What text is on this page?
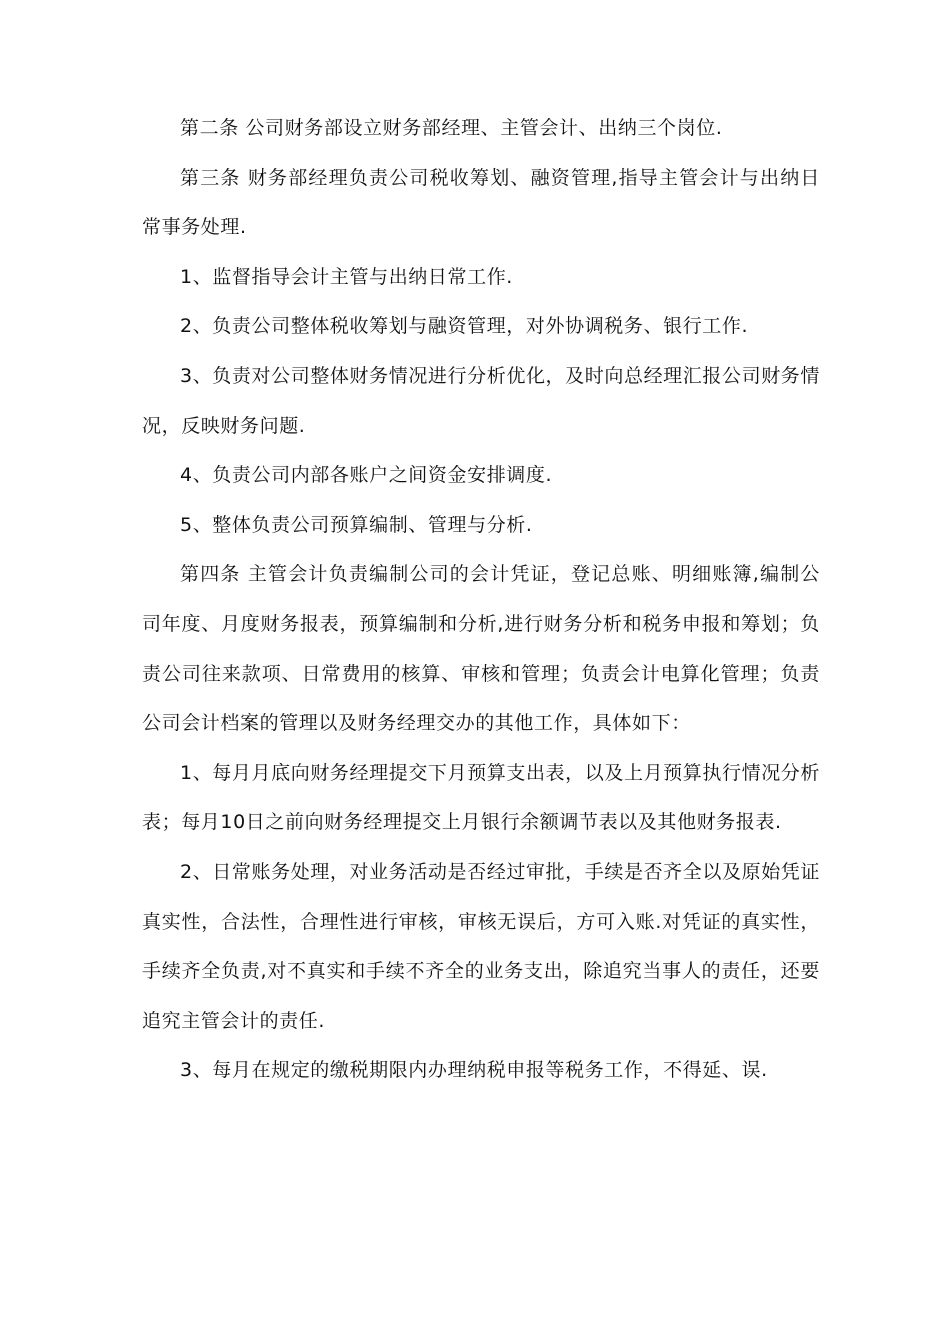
第二条 公司财务部设立财务部经理、主管会计、出纳三个岗位.

第三条 财务部经理负责公司税收筹划、融资管理,指导主管会计与出纳日常事务处理.

1、监督指导会计主管与出纳日常工作.

2、负责公司整体税收筹划与融资管理，对外协调税务、银行工作.

3、负责对公司整体财务情况进行分析优化，及时向总经理汇报公司财务情况，反映财务问题.

4、负责公司内部各账户之间资金安排调度.

5、整体负责公司预算编制、管理与分析.

第四条 主管会计负责编制公司的会计凭证，登记总账、明细账簿,编制公司年度、月度财务报表，预算编制和分析,进行财务分析和税务申报和筹划；负责公司往来款项、日常费用的核算、审核和管理；负责会计电算化管理；负责公司会计档案的管理以及财务经理交办的其他工作，具体如下：

1、每月月底向财务经理提交下月预算支出表，以及上月预算执行情况分析表；每月10日之前向财务经理提交上月银行余额调节表以及其他财务报表.

2、日常账务处理，对业务活动是否经过审批，手续是否齐全以及原始凭证真实性，合法性，合理性进行审核，审核无误后，方可入账.对凭证的真实性，手续齐全负责,对不真实和手续不齐全的业务支出，除追究当事人的责任，还要追究主管会计的责任.

3、每月在规定的缴税期限内办理纳税申报等税务工作，不得延、误.
